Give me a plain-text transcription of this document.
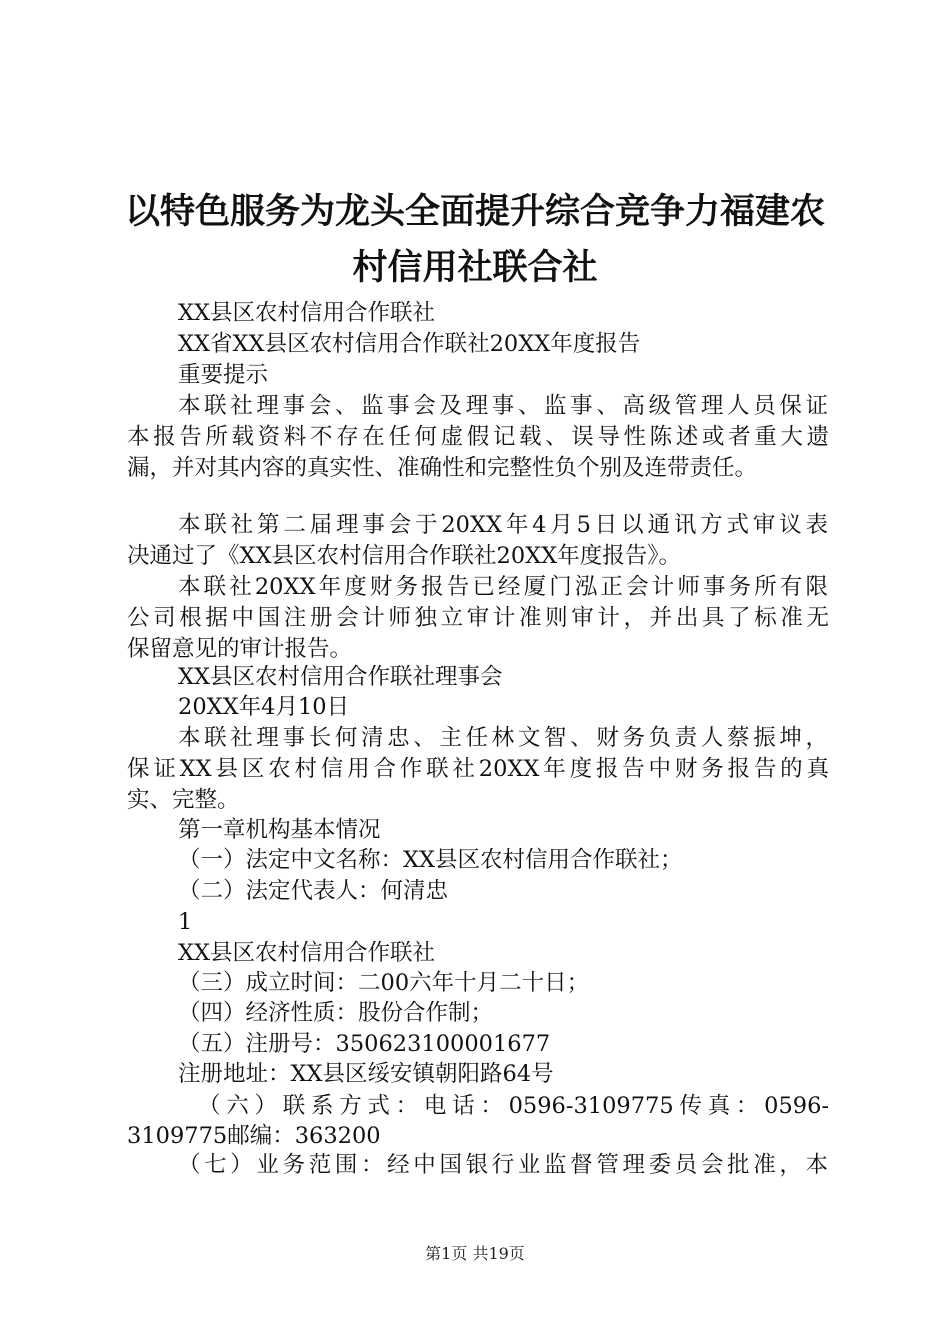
以特色服务为龙头全面提升综合竞争力福建农
村信用社联合社

XX县区农村信用合作联社

XX省XX县区农村信用合作联社20XX年度报告

重要提示

本联社理事会、监事会及理事、监事、高级管理人员保证

本报告所载资料不存在任何虚假记载、误导性陈述或者重大遗

漏，并对其内容的真实性、准确性和完整性负个别及连带责任。

本联社第二届理事会于20XX年4月5日以通讯方式审议表

决通过了《XX县区农村信用合作联社20XX年度报告》。

本联社20XX年度财务报告已经厦门泓正会计师事务所有限

公司根据中国注册会计师独立审计准则审计，并出具了标准无

保留意见的审计报告。

XX县区农村信用合作联社理事会

20XX年4月10日

本联社理事长何清忠、主任林文智、财务负责人蔡振坤，

保证XX县区农村信用合作联社20XX年度报告中财务报告的真

实、完整。

第一章机构基本情况

（一）法定中文名称：XX县区农村信用合作联社；

（二）法定代表人：何清忠

1

XX县区农村信用合作联社

（三）成立时间：二00六年十月二十日；

（四）经济性质：股份合作制；

（五）注册号：350623100001677

注册地址：XX县区绥安镇朝阳路64号

（六）联系方式：电话：0596-3109775传真：0596-

3109775邮编：363200

（七）业务范围：经中国银行业监督管理委员会批准，本

第1页 共19页
